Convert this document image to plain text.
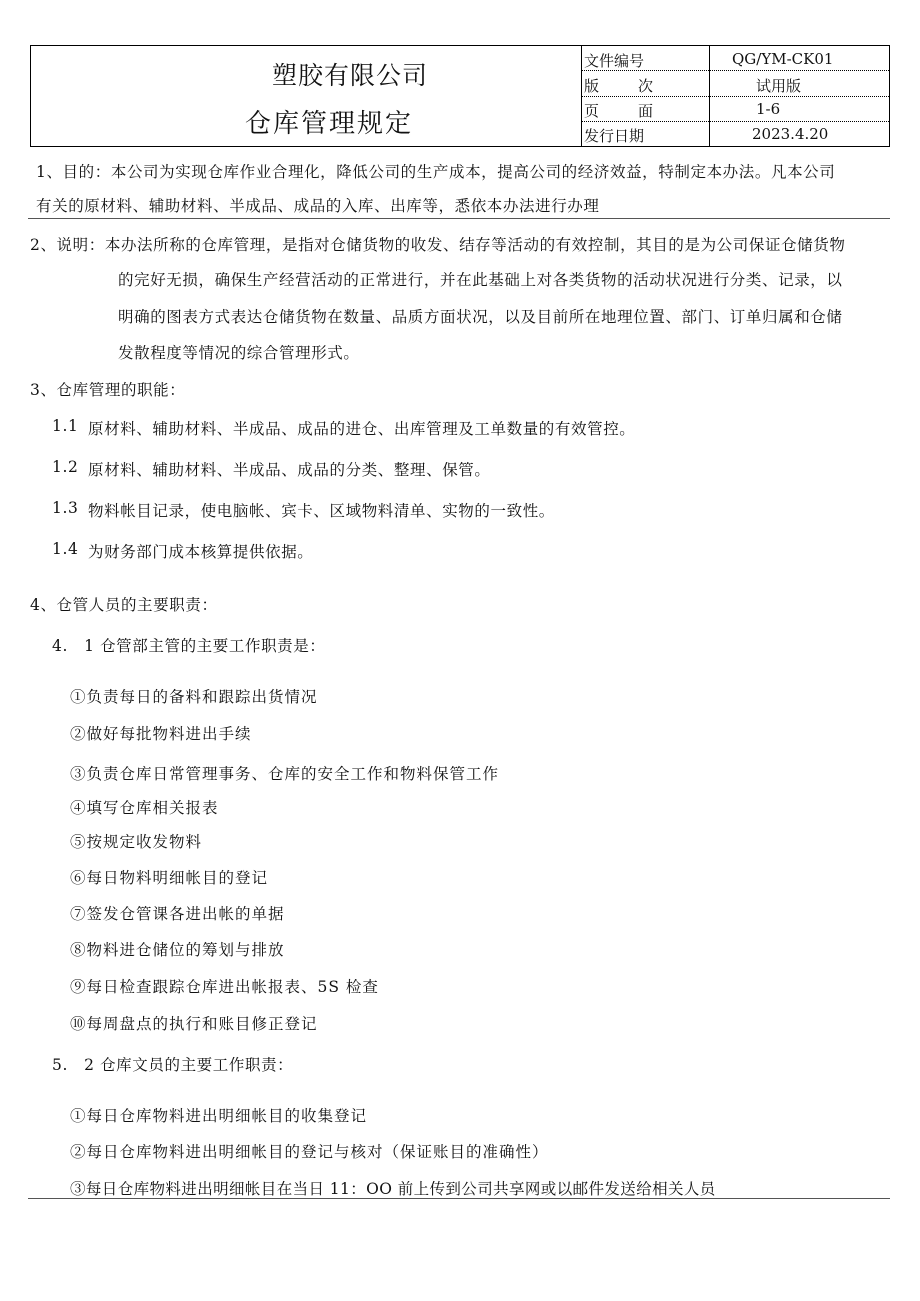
塑胶有限公司
仓库管理规定
文件编号	QG/YM-CK01
版　　次	试用版
页　　面	1-6
发行日期	2023.4.20
1、目的：本公司为实现仓库作业合理化，降低公司的生产成本，提高公司的经济效益，特制定本办法。凡本公司
有关的原材料、辅助材料、半成品、成品的入库、出库等，悉依本办法进行办理
2、说明：本办法所称的仓库管理，是指对仓储货物的收发、结存等活动的有效控制，其目的是为公司保证仓储货物
的完好无损，确保生产经营活动的正常进行，并在此基础上对各类货物的活动状况进行分类、记录，以
明确的图表方式表达仓储货物在数量、品质方面状况，以及目前所在地理位置、部门、订单归属和仓储
发散程度等情况的综合管理形式。
3、仓库管理的职能：
1.1 原材料、辅助材料、半成品、成品的进仓、出库管理及工单数量的有效管控。
1.2 原材料、辅助材料、半成品、成品的分类、整理、保管。
1.3 物料帐目记录，使电脑帐、宾卡、区域物料清单、实物的一致性。
1.4 为财务部门成本核算提供依据。
4、仓管人员的主要职责：
4.　1 仓管部主管的主要工作职责是：
①负责每日的备料和跟踪出货情况
②做好每批物料进出手续
③负责仓库日常管理事务、仓库的安全工作和物料保管工作
④填写仓库相关报表
⑤按规定收发物料
⑥每日物料明细帐目的登记
⑦签发仓管课各进出帐的单据
⑧物料进仓储位的筹划与排放
⑨每日检查跟踪仓库进出帐报表、5S 检查
⑩每周盘点的执行和账目修正登记
5.　2 仓库文员的主要工作职责：
①每日仓库物料进出明细帐目的收集登记
②每日仓库物料进出明细帐目的登记与核对（保证账目的准确性）
③每日仓库物料进出明细帐目在当日 11：OO 前上传到公司共享网或以邮件发送给相关人员
